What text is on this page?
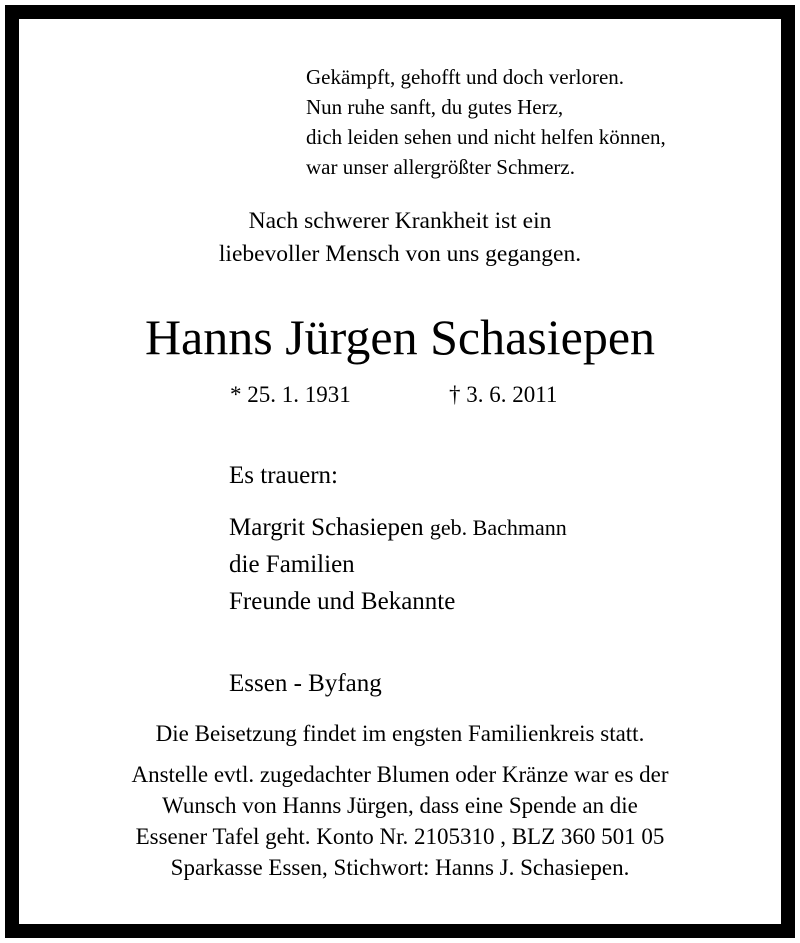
Gekämpft, gehofft und doch verloren.
Nun ruhe sanft, du gutes Herz,
dich leiden sehen und nicht helfen können,
war unser allergrößter Schmerz.
Nach schwerer Krankheit ist ein
liebevoller Mensch von uns gegangen.
Hanns Jürgen Schasiepen
* 25. 1. 1931	† 3. 6. 2011
Es trauern:
Margrit Schasiepen geb. Bachmann
die Familien
Freunde und Bekannte
Essen - Byfang
Die Beisetzung findet im engsten Familienkreis statt.
Anstelle evtl. zugedachter Blumen oder Kränze war es der
Wunsch von Hanns Jürgen, dass eine Spende an die
Essener Tafel geht. Konto Nr. 2105310 , BLZ 360 501 05
Sparkasse Essen, Stichwort: Hanns J. Schasiepen.
